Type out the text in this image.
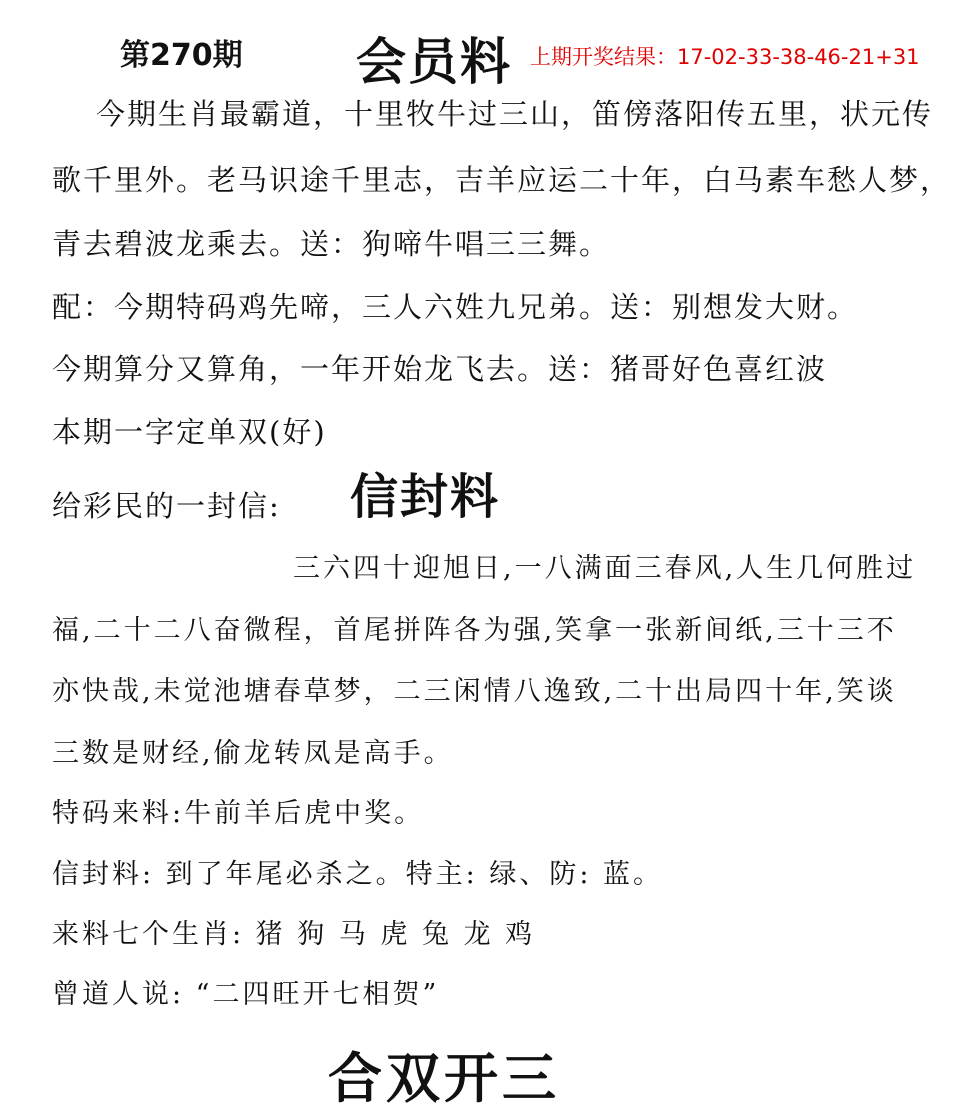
第270期 会员料 上期开奖结果：17-02-33-38-46-21+31
今期生肖最霸道，十里牧牛过三山，笛傍落阳传五里，状元传
歌千里外。老马识途千里志，吉羊应运二十年，白马素车愁人梦，
青去碧波龙乘去。送：狗啼牛唱三三舞。
配：今期特码鸡先啼，三人六姓九兄弟。送：别想发大财。
今期算分又算角，一年开始龙飞去。送：猪哥好色喜红波
本期一字定单双(好)
给彩民的一封信: 信封料
三六四十迎旭日,一八满面三春风,人生几何胜过
福,二十二八奋微程，首尾拼阵各为强,笑拿一张新间纸,三十三不
亦快哉,未觉池塘春草梦，二三闲情八逸致,二十出局四十年,笑谈
三数是财经,偷龙转凤是高手。
特码来料:牛前羊后虎中奖。
信封料: 到了年尾必杀之。特主: 绿、防: 蓝。
来料七个生肖: 猪 狗 马 虎 兔 龙 鸡
曾道人说: “二四旺开七相贺”
合双开三
